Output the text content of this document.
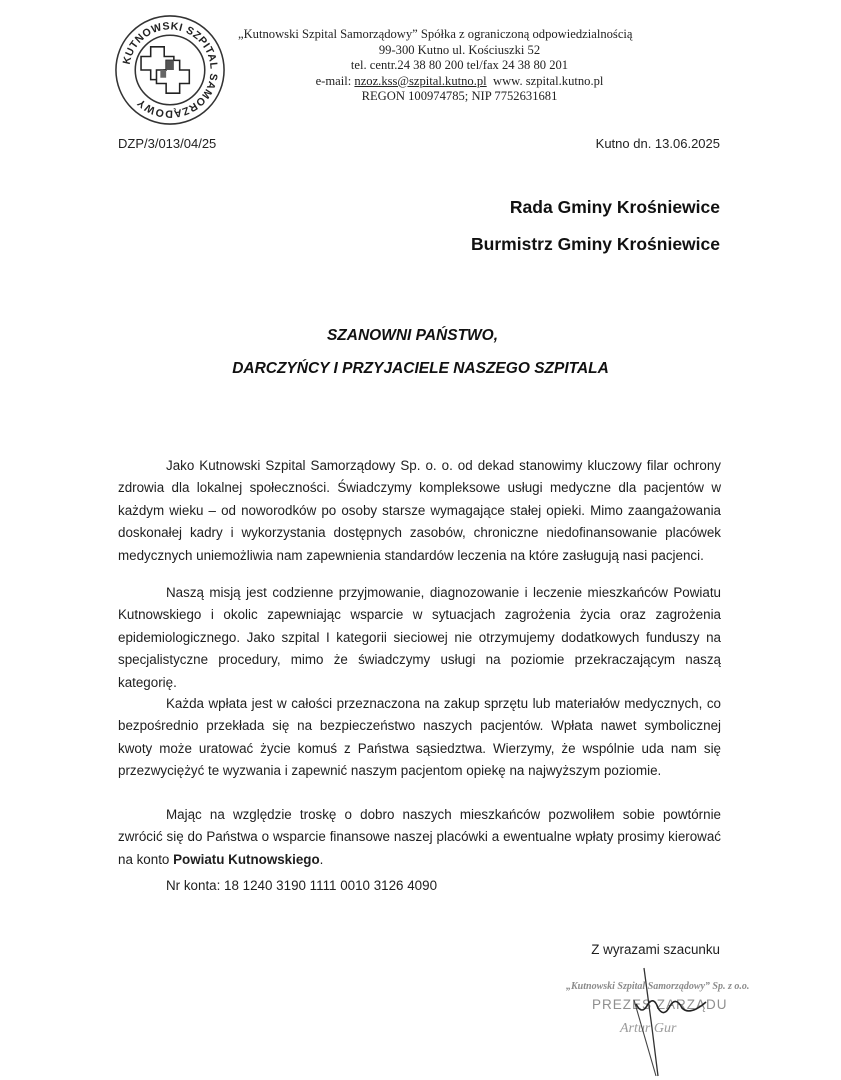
KUTNOWSKI SZPITAL SAMORZĄDOWY
„Kutnowski Szpital Samorządowy” Spółka z ograniczoną odpowiedzialnością
99-300 Kutno ul. Kościuszki 52
tel. centr.24 38 80 200 tel/fax 24 38 80 201
e-mail: nzoz.kss@szpital.kutno.pl  www. szpital.kutno.pl
REGON 100974785; NIP 7752631681
DZP/3/013/04/25	Kutno dn. 13.06.2025
Rada Gminy Krośniewice
Burmistrz Gminy Krośniewice
SZANOWNI PAŃSTWO,
DARCZYŃCY I PRZYJACIELE NASZEGO SZPITALA

Jako Kutnowski Szpital Samorządowy Sp. o. o. od dekad stanowimy kluczowy filar ochrony zdrowia dla lokalnej społeczności. Świadczymy kompleksowe usługi medyczne dla pacjentów w każdym wieku – od noworodków po osoby starsze wymagające stałej opieki. Mimo zaangażowania doskonałej kadry i wykorzystania dostępnych zasobów, chroniczne niedofinansowanie placówek medycznych uniemożliwia nam zapewnienia standardów leczenia na które zasługują nasi pacjenci.

Naszą misją jest codzienne przyjmowanie, diagnozowanie i leczenie mieszkańców Powiatu Kutnowskiego i okolic zapewniając wsparcie w sytuacjach zagrożenia życia oraz zagrożenia epidemiologicznego. Jako szpital I kategorii sieciowej nie otrzymujemy dodatkowych funduszy na specjalistyczne procedury, mimo że świadczymy usługi na poziomie przekraczającym naszą kategorię.

Każda wpłata jest w całości przeznaczona na zakup sprzętu lub materiałów medycznych, co bezpośrednio przekłada się na bezpieczeństwo naszych pacjentów. Wpłata nawet symbolicznej kwoty może uratować życie komuś z Państwa sąsiedztwa. Wierzymy, że wspólnie uda nam się przezwyciężyć te wyzwania i zapewnić naszym pacjentom opiekę na najwyższym poziomie.

Mając na względzie troskę o dobro naszych mieszkańców pozwoliłem sobie powtórnie zwrócić się do Państwa o wsparcie finansowe naszej placówki a ewentualne wpłaty prosimy kierować na konto Powiatu Kutnowskiego.

Nr konta: 18 1240 3190 1111 0010 3126 4090
Z wyrazami szacunku
„Kutnowski Szpital Samorządowy” Sp. z o.o.
PREZES ZARZĄDU
Artur Gur
